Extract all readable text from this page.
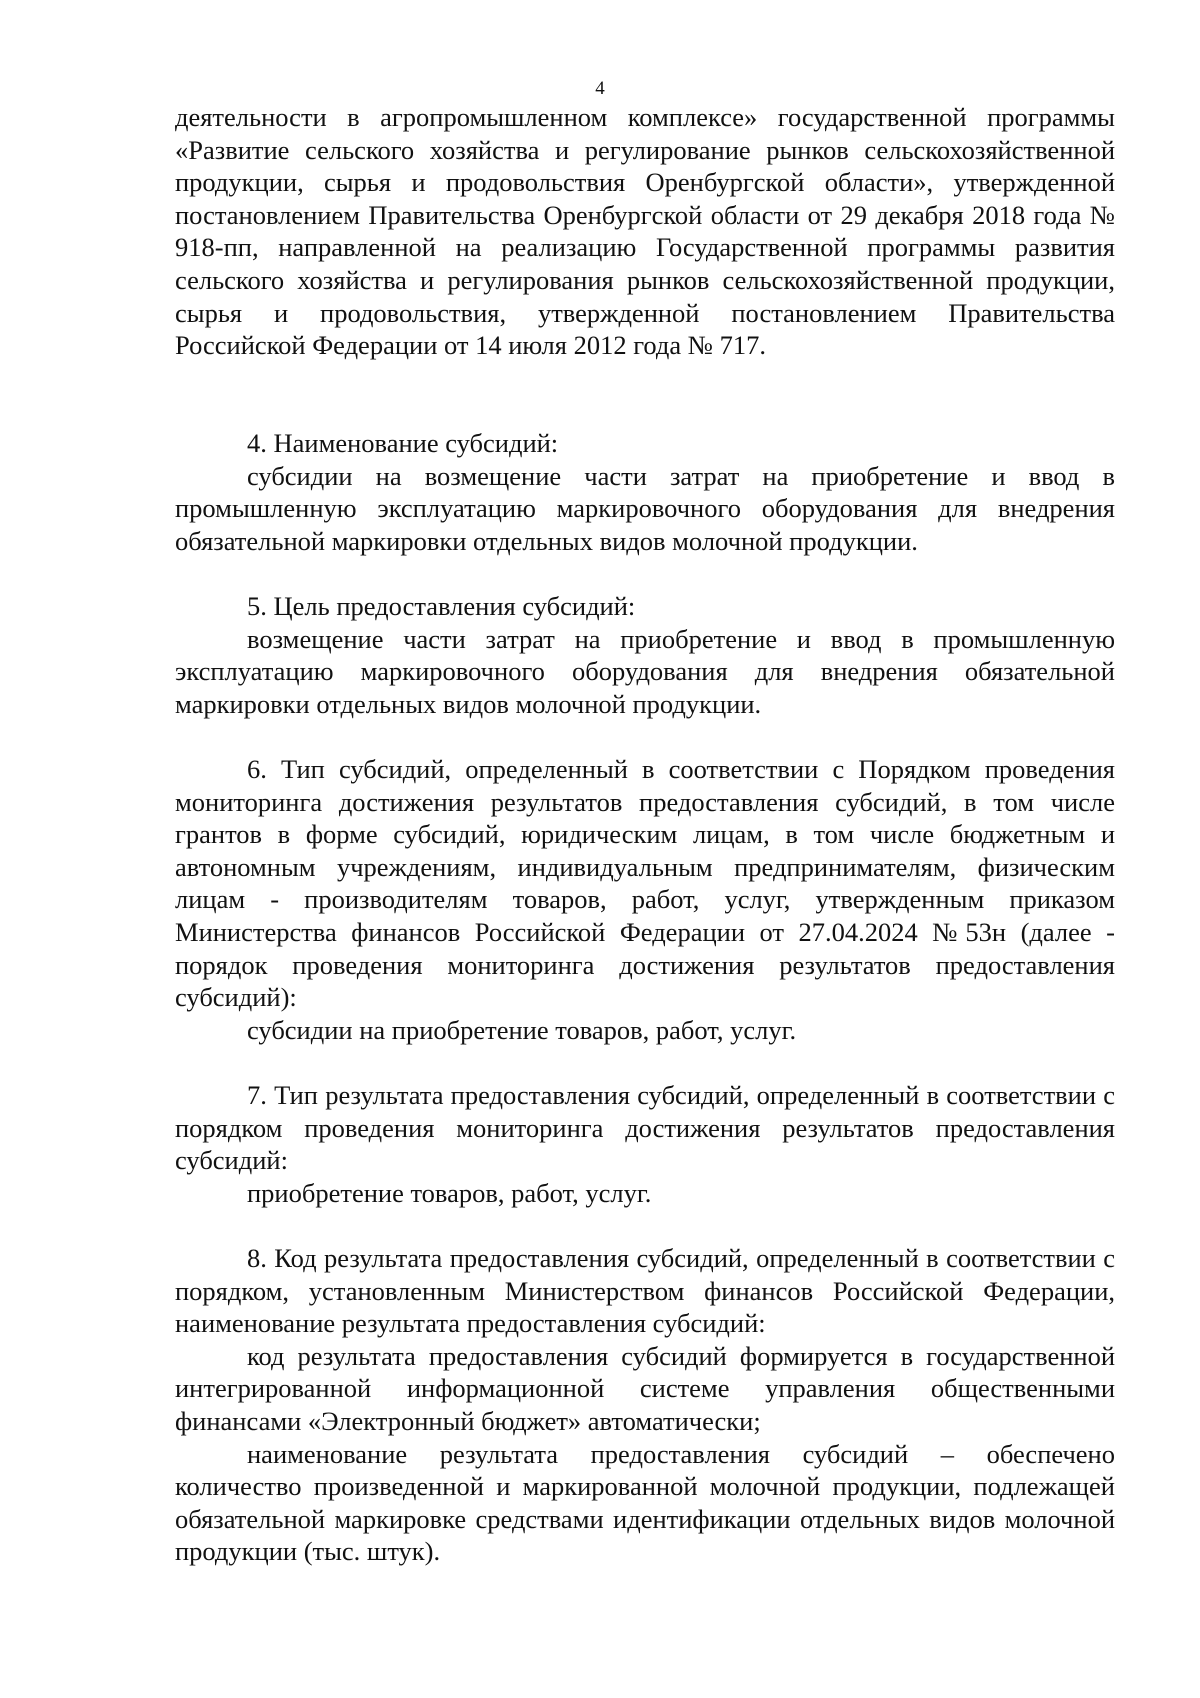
4

деятельности в агропромышленном комплексе» государственной программы «Развитие сельского хозяйства и регулирование рынков сельскохозяйственной продукции, сырья и продовольствия Оренбургской области», утвержденной постановлением Правительства Оренбургской области от 29 декабря 2018 года № 918-пп, направленной на реализацию Государственной программы развития сельского хозяйства и регулирования рынков сельскохозяйственной продукции, сырья и продовольствия, утвержденной постановлением Правительства Российской Федерации от 14 июля 2012 года № 717.

4. Наименование субсидий:

субсидии на возмещение части затрат на приобретение и ввод в промышленную эксплуатацию маркировочного оборудования для внедрения обязательной маркировки отдельных видов молочной продукции.

5. Цель предоставления субсидий:

возмещение части затрат на приобретение и ввод в промышленную эксплуатацию маркировочного оборудования для внедрения обязательной маркировки отдельных видов молочной продукции.

6. Тип субсидий, определенный в соответствии с Порядком проведения мониторинга достижения результатов предоставления субсидий, в том числе грантов в форме субсидий, юридическим лицам, в том числе бюджетным и автономным учреждениям, индивидуальным предпринимателям, физическим лицам - производителям товаров, работ, услуг, утвержденным приказом Министерства финансов Российской Федерации от 27.04.2024 №53н (далее - порядок проведения мониторинга достижения результатов предоставления субсидий):

субсидии на приобретение товаров, работ, услуг.

7. Тип результата предоставления субсидий, определенный в соответствии с порядком проведения мониторинга достижения результатов предоставления субсидий:

приобретение товаров, работ, услуг.

8. Код результата предоставления субсидий, определенный в соответствии с порядком, установленным Министерством финансов Российской Федерации, наименование результата предоставления субсидий:

код результата предоставления субсидий формируется в государственной интегрированной информационной системе управления общественными финансами «Электронный бюджет» автоматически;

наименование результата предоставления субсидий – обеспечено количество произведенной и маркированной молочной продукции, подлежащей обязательной маркировке средствами идентификации отдельных видов молочной продукции (тыс. штук).
